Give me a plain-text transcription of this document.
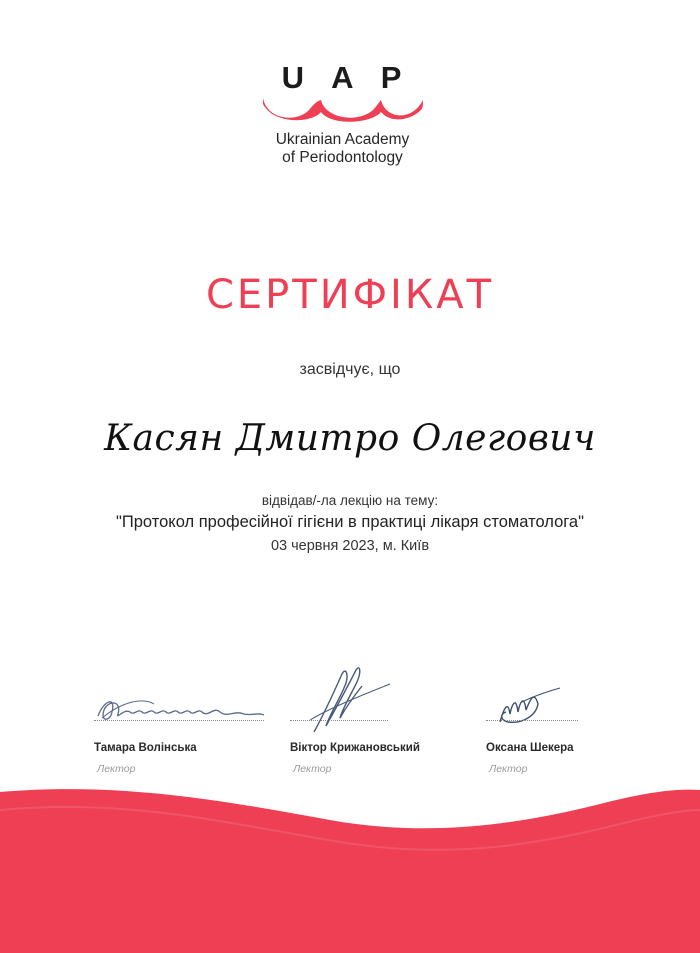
U A P
Ukrainian Academy
of Periodontology
СЕРТИФІКАТ
засвідчує, що
Касян Дмитро Олегович
відвідав/-ла лекцію на тему:
"Протокол професійної гігієни в практиці лікаря стоматолога"
03 червня 2023, м. Київ
Тамара Волінська
Лектор
Віктор Крижановський
Лектор
Оксана Шекера
Лектор
